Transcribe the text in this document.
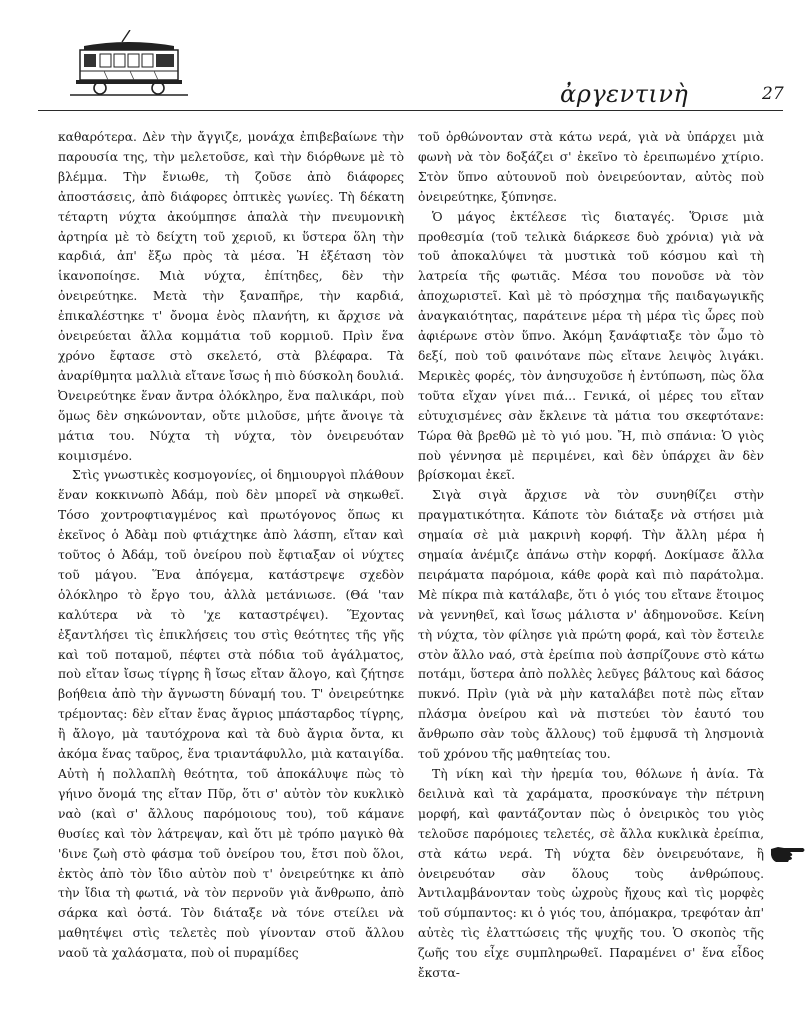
ἀργεντινὴ	27

καθαρότερα. Δὲν τὴν ἄγγιζε, μονάχα ἐπιβεβαίωνε τὴν παρουσία της, τὴν μελετοῦσε, καὶ τὴν διόρθωνε μὲ τὸ βλέμμα. Τὴν ἔνιωθε, τὴ ζοῦσε ἀπὸ διάφορες ἀποστάσεις, ἀπὸ διάφορες ὀπτικὲς γωνίες. Τὴ δέκατη τέταρτη νύχτα ἀκούμπησε ἁπαλὰ τὴν πνευμονικὴ ἀρτηρία μὲ τὸ δείχτη τοῦ χεριοῦ, κι ὕστερα ὅλη τὴν καρδιά, ἀπ' ἔξω πρὸς τὰ μέσα. Ἡ ἐξέταση τὸν ἱκανοποίησε. Μιὰ νύχτα, ἐπίτηδες, δὲν τὴν ὀνειρεύτηκε. Μετὰ τὴν ξαναπῆρε, τὴν καρδιά, ἐπικαλέστηκε τ' ὄνομα ἑνὸς πλανήτη, κι ἄρχισε νὰ ὀνειρεύεται ἄλλα κομμάτια τοῦ κορμιοῦ. Πρὶν ἕνα χρόνο ἔφτασε στὸ σκελετό, στὰ βλέφαρα. Τὰ ἀναρίθμητα μαλλιὰ εἴτανε ἴσως ἡ πιὸ δύσκολη δουλιά. Ὀνειρεύτηκε ἕναν ἄντρα ὁλόκληρο, ἕνα παλικάρι, ποὺ ὅμως δὲν σηκώνονταν, οὔτε μιλοῦσε, μήτε ἄνοιγε τὰ μάτια του. Νύχτα τὴ νύχτα, τὸν ὀνειρευόταν κοιμισμένο.

Στὶς γνωστικὲς κοσμογονίες, οἱ δημιουργοὶ πλάθουν ἕναν κοκκινωπὸ Ἀδάμ, ποὺ δὲν μπορεῖ νὰ σηκωθεῖ. Τόσο χοντροφτιαγμένος καὶ πρωτόγονος ὅπως κι ἐκεῖνος ὁ Ἀδὰμ ποὺ φτιάχτηκε ἀπὸ λάσπη, εἴταν καὶ τοῦτος ὁ Ἀδάμ, τοῦ ὀνείρου ποὺ ἔφτιαξαν οἱ νύχτες τοῦ μάγου. Ἕνα ἀπόγεμα, κατάστρεψε σχεδὸν ὁλόκληρο τὸ ἔργο του, ἀλλὰ μετάνιωσε. (Θά 'ταν καλύτερα νὰ τὸ 'χε καταστρέψει). Ἕχοντας ἐξαντλήσει τὶς ἐπικλήσεις του στὶς θεότητες τῆς γῆς καὶ τοῦ ποταμοῦ, πέφτει στὰ πόδια τοῦ ἀγάλματος, ποὺ εἴταν ἴσως τίγρης ἢ ἴσως εἴταν ἄλογο, καὶ ζήτησε βοήθεια ἀπὸ τὴν ἄγνωστη δύναμή του. Τ' ὀνειρεύτηκε τρέμοντας: δὲν εἴταν ἕνας ἄγριος μπάσταρδος τίγρης, ἢ ἄλογο, μὰ ταυτόχρονα καὶ τὰ δυὸ ἄγρια ὄντα, κι ἀκόμα ἕνας ταῦρος, ἕνα τριαντάφυλλο, μιὰ καταιγίδα. Αὐτὴ ἡ πολλαπλὴ θεότητα, τοῦ ἀποκάλυψε πὼς τὸ γήινο ὄνομά της εἴταν Πῦρ, ὅτι σ' αὐτὸν τὸν κυκλικὸ ναὸ (καὶ σ' ἄλλους παρόμοιους του), τοῦ κάμανε θυσίες καὶ τὸν λάτρεψαν, καὶ ὅτι μὲ τρόπο μαγικὸ θὰ 'δινε ζωὴ στὸ φάσμα τοῦ ὀνείρου του, ἔτσι ποὺ ὅλοι, ἐκτὸς ἀπὸ τὸν ἴδιο αὐτὸν ποὺ τ' ὀνειρεύτηκε κι ἀπὸ τὴν ἴδια τὴ φωτιά, νὰ τὸν περνοῦν γιὰ ἄνθρωπο, ἀπὸ σάρκα καὶ ὀστά. Τὸν διάταξε νὰ τόνε στείλει νὰ μαθητέψει στὶς τελετὲς ποὺ γίνονταν στοῦ ἄλλου ναοῦ τὰ χαλάσματα, ποὺ οἱ πυραμίδες

τοῦ ὀρθώνονταν στὰ κάτω νερά, γιὰ νὰ ὑπάρχει μιὰ φωνὴ νὰ τὸν δοξάζει σ' ἐκεῖνο τὸ ἐρειπωμένο χτίριο. Στὸν ὕπνο αὐτουνοῦ ποὺ ὀνειρεύονταν, αὐτὸς ποὺ ὀνειρεύτηκε, ξύπνησε.

Ὁ μάγος ἐκτέλεσε τὶς διαταγές. Ὅρισε μιὰ προθεσμία (τοῦ τελικὰ διάρκεσε δυὸ χρόνια) γιὰ νὰ τοῦ ἀποκαλύψει τὰ μυστικὰ τοῦ κόσμου καὶ τὴ λατρεία τῆς φωτιᾶς. Μέσα του πονοῦσε νὰ τὸν ἀποχωριστεῖ. Καὶ μὲ τὸ πρόσχημα τῆς παιδαγωγικῆς ἀναγκαιότητας, παράτεινε μέρα τὴ μέρα τὶς ὧρες ποὺ ἀφιέρωνε στὸν ὕπνο. Ἀκόμη ξανάφτιαξε τὸν ὦμο τὸ δεξί, ποὺ τοῦ φαινότανε πὼς εἴτανε λειψὸς λιγάκι. Μερικὲς φορές, τὸν ἀνησυχοῦσε ἡ ἐντύπωση, πὼς ὅλα τοῦτα εἴχαν γίνει πιά... Γενικά, οἱ μέρες του εἴταν εὐτυχισμένες σὰν ἔκλεινε τὰ μάτια του σκεφτότανε: Τώρα θὰ βρεθῶ μὲ τὸ γιό μου. Ἤ, πιὸ σπάνια: Ὁ γιὸς ποὺ γέννησα μὲ περιμένει, καὶ δὲν ὑπάρχει ἂν δὲν βρίσκομαι ἐκεῖ.

Σιγὰ σιγὰ ἄρχισε νὰ τὸν συνηθίζει στὴν πραγματικότητα. Κάποτε τὸν διάταξε νὰ στήσει μιὰ σημαία σὲ μιὰ μακρινὴ κορφή. Τὴν ἄλλη μέρα ἡ σημαία ἀνέμιζε ἀπάνω στὴν κορφή. Δοκίμασε ἄλλα πειράματα παρόμοια, κάθε φορὰ καὶ πιὸ παράτολμα. Μὲ πίκρα πιὰ κατάλαβε, ὅτι ὁ γιός του εἴτανε ἕτοιμος νὰ γεννηθεῖ, καὶ ἴσως μάλιστα ν' ἀδημονοῦσε. Κείνη τὴ νύχτα, τὸν φίλησε γιὰ πρώτη φορά, καὶ τὸν ἔστειλε στὸν ἄλλο ναό, στὰ ἐρείπια ποὺ ἀσπρίζουνε στὸ κάτω ποτάμι, ὕστερα ἀπὸ πολλὲς λεῦγες βάλτους καὶ δάσος πυκνό. Πρὶν (γιὰ νὰ μὴν καταλάβει ποτὲ πὼς εἴταν πλάσμα ὀνείρου καὶ νὰ πιστεύει τὸν ἑαυτό του ἄνθρωπο σὰν τοὺς ἄλλους) τοῦ ἐμφυσᾶ τὴ λησμονιὰ τοῦ χρόνου τῆς μαθητείας του.

Τὴ νίκη καὶ τὴν ἠρεμία του, θόλωνε ἡ ἀνία. Τὰ δειλινὰ καὶ τὰ χαράματα, προσκύναγε τὴν πέτρινη μορφή, καὶ φαντάζονταν πὼς ὁ ὀνειρικὸς του γιὸς τελοῦσε παρόμοιες τελετές, σὲ ἄλλα κυκλικὰ ἐρείπια, στὰ κάτω νερά. Τὴ νύχτα δὲν ὀνειρευότανε, ἢ ὀνειρευόταν σὰν ὅλους τοὺς ἀνθρώπους. Ἀντιλαμβάνονταν τοὺς ὠχροὺς ἤχους καὶ τὶς μορφὲς τοῦ σύμπαντος: κι ὁ γιός του, ἀπόμακρα, τρεφόταν ἀπ' αὐτὲς τὶς ἐλαττώσεις τῆς ψυχῆς του. Ὁ σκοπὸς τῆς ζωῆς του εἶχε συμπληρωθεῖ. Παραμένει σ' ἕνα εἶδος ἔκστα-
